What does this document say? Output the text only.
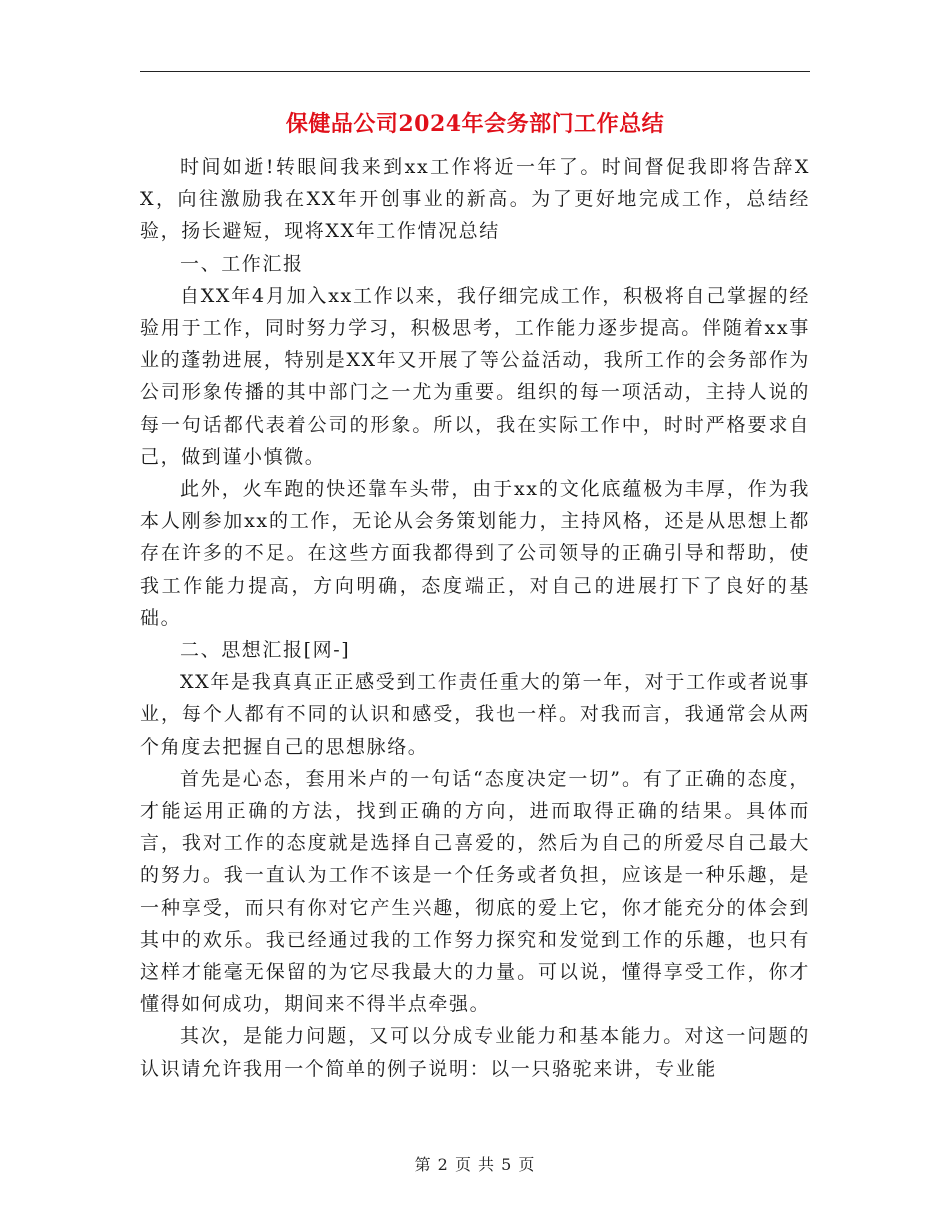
保健品公司2024年会务部门工作总结

时间如逝!转眼间我来到xx工作将近一年了。时间督促我即将告辞XX，向往激励我在XX年开创事业的新高。为了更好地完成工作，总结经验，扬长避短，现将XX年工作情况总结

一、工作汇报

自XX年4月加入xx工作以来，我仔细完成工作，积极将自己掌握的经验用于工作，同时努力学习，积极思考，工作能力逐步提高。伴随着xx事业的蓬勃进展，特别是XX年又开展了等公益活动，我所工作的会务部作为公司形象传播的其中部门之一尤为重要。组织的每一项活动，主持人说的每一句话都代表着公司的形象。所以，我在实际工作中，时时严格要求自己，做到谨小慎微。

此外，火车跑的快还靠车头带，由于xx的文化底蕴极为丰厚，作为我本人刚参加xx的工作，无论从会务策划能力，主持风格，还是从思想上都存在许多的不足。在这些方面我都得到了公司领导的正确引导和帮助，使我工作能力提高，方向明确，态度端正，对自己的进展打下了良好的基础。

二、思想汇报[网-]

XX年是我真真正正感受到工作责任重大的第一年，对于工作或者说事业，每个人都有不同的认识和感受，我也一样。对我而言，我通常会从两个角度去把握自己的思想脉络。

首先是心态，套用米卢的一句话“态度决定一切”。有了正确的态度，才能运用正确的方法，找到正确的方向，进而取得正确的结果。具体而言，我对工作的态度就是选择自己喜爱的，然后为自己的所爱尽自己最大的努力。我一直认为工作不该是一个任务或者负担，应该是一种乐趣，是一种享受，而只有你对它产生兴趣，彻底的爱上它，你才能充分的体会到其中的欢乐。我已经通过我的工作努力探究和发觉到工作的乐趣，也只有这样才能毫无保留的为它尽我最大的力量。可以说，懂得享受工作，你才懂得如何成功，期间来不得半点牵强。

其次，是能力问题，又可以分成专业能力和基本能力。对这一问题的认识请允许我用一个简单的例子说明：以一只骆驼来讲，专业能

第 2 页 共 5 页
